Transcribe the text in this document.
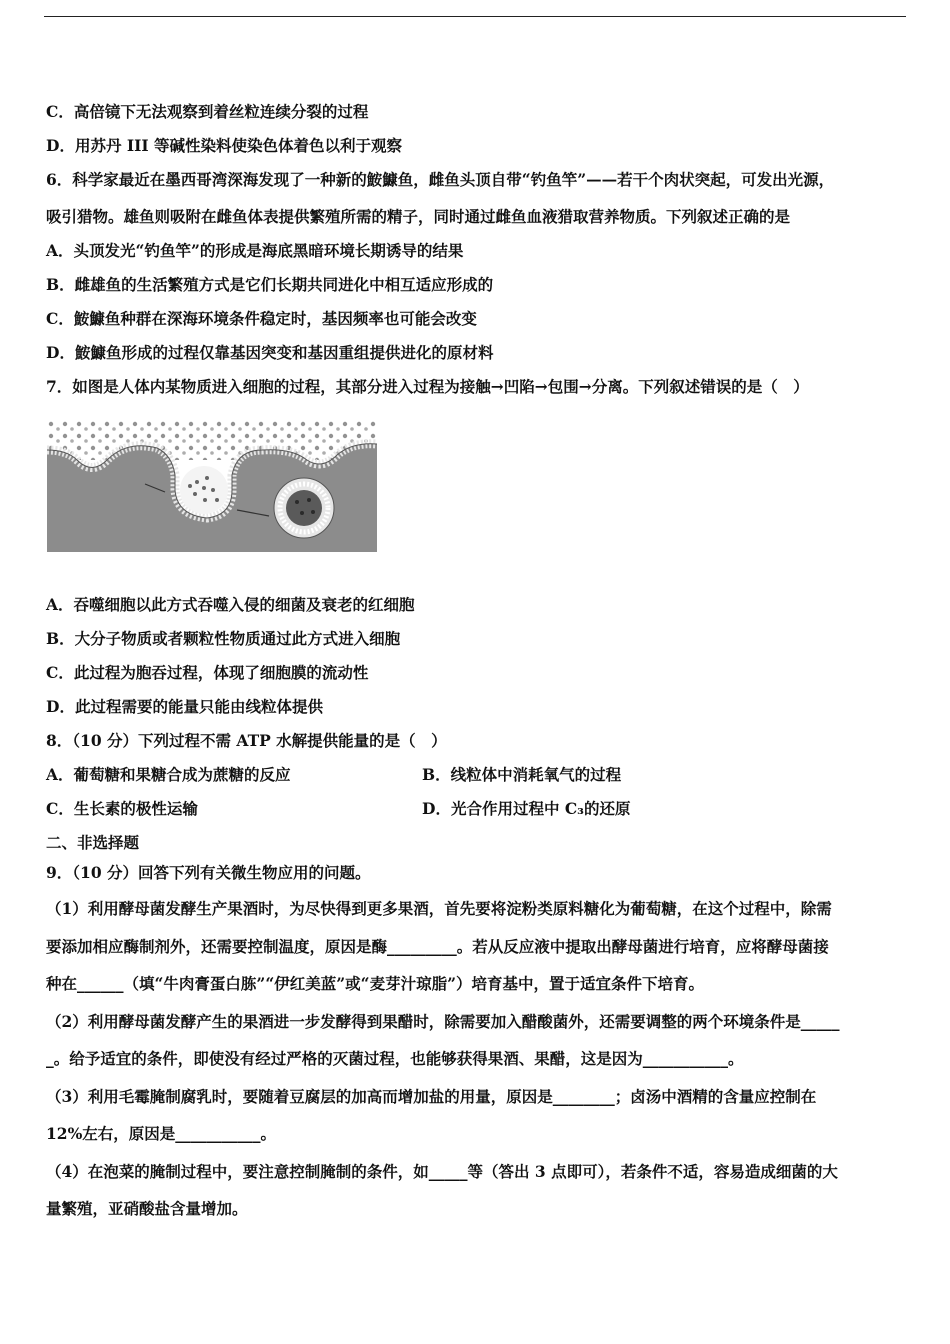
C．高倍镜下无法观察到着丝粒连续分裂的过程
D．用苏丹 III 等碱性染料使染色体着色以利于观察
6．科学家最近在墨西哥湾深海发现了一种新的鮟鱇鱼，雌鱼头顶自带“钓鱼竿”——若干个肉状突起，可发出光源，
吸引猎物。雄鱼则吸附在雌鱼体表提供繁殖所需的精子，同时通过雌鱼血液猎取营养物质。下列叙述正确的是
A．头顶发光“钓鱼竿”的形成是海底黑暗环境长期诱导的结果
B．雌雄鱼的生活繁殖方式是它们长期共同进化中相互适应形成的
C．鮟鱇鱼种群在深海环境条件稳定时，基因频率也可能会改变
D．鮟鱇鱼形成的过程仅靠基因突变和基因重组提供进化的原材料
7．如图是人体内某物质进入细胞的过程，其部分进入过程为接触→凹陷→包围→分离。下列叙述错误的是（　）
A．吞噬细胞以此方式吞噬入侵的细菌及衰老的红细胞
B．大分子物质或者颗粒性物质通过此方式进入细胞
C．此过程为胞吞过程，体现了细胞膜的流动性
D．此过程需要的能量只能由线粒体提供
8．（10 分）下列过程不需 ATP 水解提供能量的是（　）
A．葡萄糖和果糖合成为蔗糖的反应	B．线粒体中消耗氧气的过程
C．生长素的极性运输	D．光合作用过程中 C₃的还原
二、非选择题
9．（10 分）回答下列有关微生物应用的问题。
（1）利用酵母菌发酵生产果酒时，为尽快得到更多果酒，首先要将淀粉类原料糖化为葡萄糖，在这个过程中，除需
要添加相应酶制剂外，还需要控制温度，原因是酶_________。若从反应液中提取出酵母菌进行培育，应将酵母菌接
种在______（填“牛肉膏蛋白胨”“伊红美蓝”或“麦芽汁琼脂”）培育基中，置于适宜条件下培育。
（2）利用酵母菌发酵产生的果酒进一步发酵得到果醋时，除需要加入醋酸菌外，还需要调整的两个环境条件是_____
_。给予适宜的条件，即使没有经过严格的灭菌过程，也能够获得果酒、果醋，这是因为___________。
（3）利用毛霉腌制腐乳时，要随着豆腐层的加高而增加盐的用量，原因是________；卤汤中酒精的含量应控制在
12%左右，原因是___________。
（4）在泡菜的腌制过程中，要注意控制腌制的条件，如_____等（答出 3 点即可），若条件不适，容易造成细菌的大
量繁殖，亚硝酸盐含量增加。
